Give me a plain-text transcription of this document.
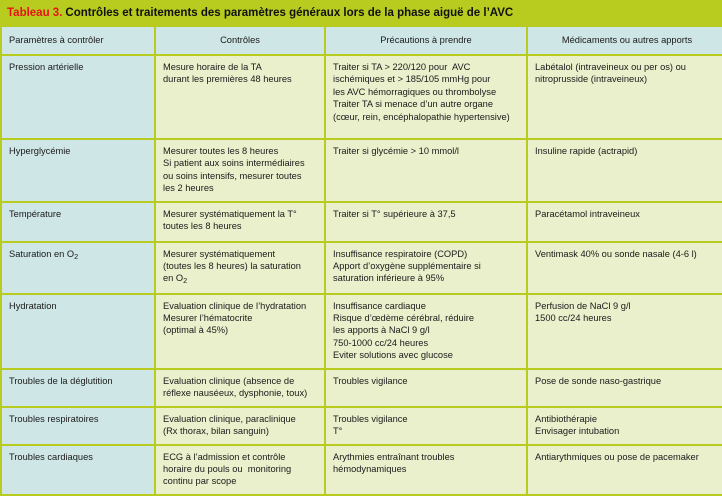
Tableau 3. Contrôles et traitements des paramètres généraux lors de la phase aiguë de l’AVC
Paramètres à contrôler	Contrôles	Précautions à prendre	Médicaments ou autres apports

Pression artérielle	Mesure horaire de la TA
durant les premières 48 heures	Traiter si TA > 220/120 pour  AVC
ischémiques et > 185/105 mmHg pour
les AVC hémorragiques ou thrombolyse
Traiter TA si menace d’un autre organe
(cœur, rein, encéphalopathie hypertensive)	Labétalol (intraveineux ou per os) ou
nitroprusside (intraveineux)

Hyperglycémie	Mesurer toutes les 8 heures
Si patient aux soins intermédiaires
ou soins intensifs, mesurer toutes
les 2 heures	Traiter si glycémie > 10 mmol/l	Insuline rapide (actrapid)

Température	Mesurer systématiquement la T°
toutes les 8 heures	Traiter si T° supérieure à 37,5	Paracétamol intraveineux

Saturation en $O_2$	Mesurer systématiquement
(toutes les 8 heures) la saturation
en $O_2$	Insuffisance respiratoire (COPD)
Apport d’oxygène supplémentaire si
saturation inférieure à 95%	Ventimask 40% ou sonde nasale (4-6 l)

Hydratation	Evaluation clinique de l’hydratation
Mesurer l’hématocrite
(optimal à 45%)	Insuffisance cardiaque
Risque d’œdème cérébral, réduire
les apports à NaCl 9 g/l
750-1000 cc/24 heures
Eviter solutions avec glucose	Perfusion de NaCl 9 g/l
1500 cc/24 heures

Troubles de la déglutition	Evaluation clinique (absence de
réflexe nauséeux, dysphonie, toux)	Troubles vigilance	Pose de sonde naso-gastrique

Troubles respiratoires	Evaluation clinique, paraclinique
(Rx thorax, bilan sanguin)	Troubles vigilance
T°	Antibiothérapie
Envisager intubation

Troubles cardiaques	ECG à l’admission et contrôle
horaire du pouls ou  monitoring
continu par scope	Arythmies entraînant troubles
hémodynamiques	Antiarythmiques ou pose de pacemaker
